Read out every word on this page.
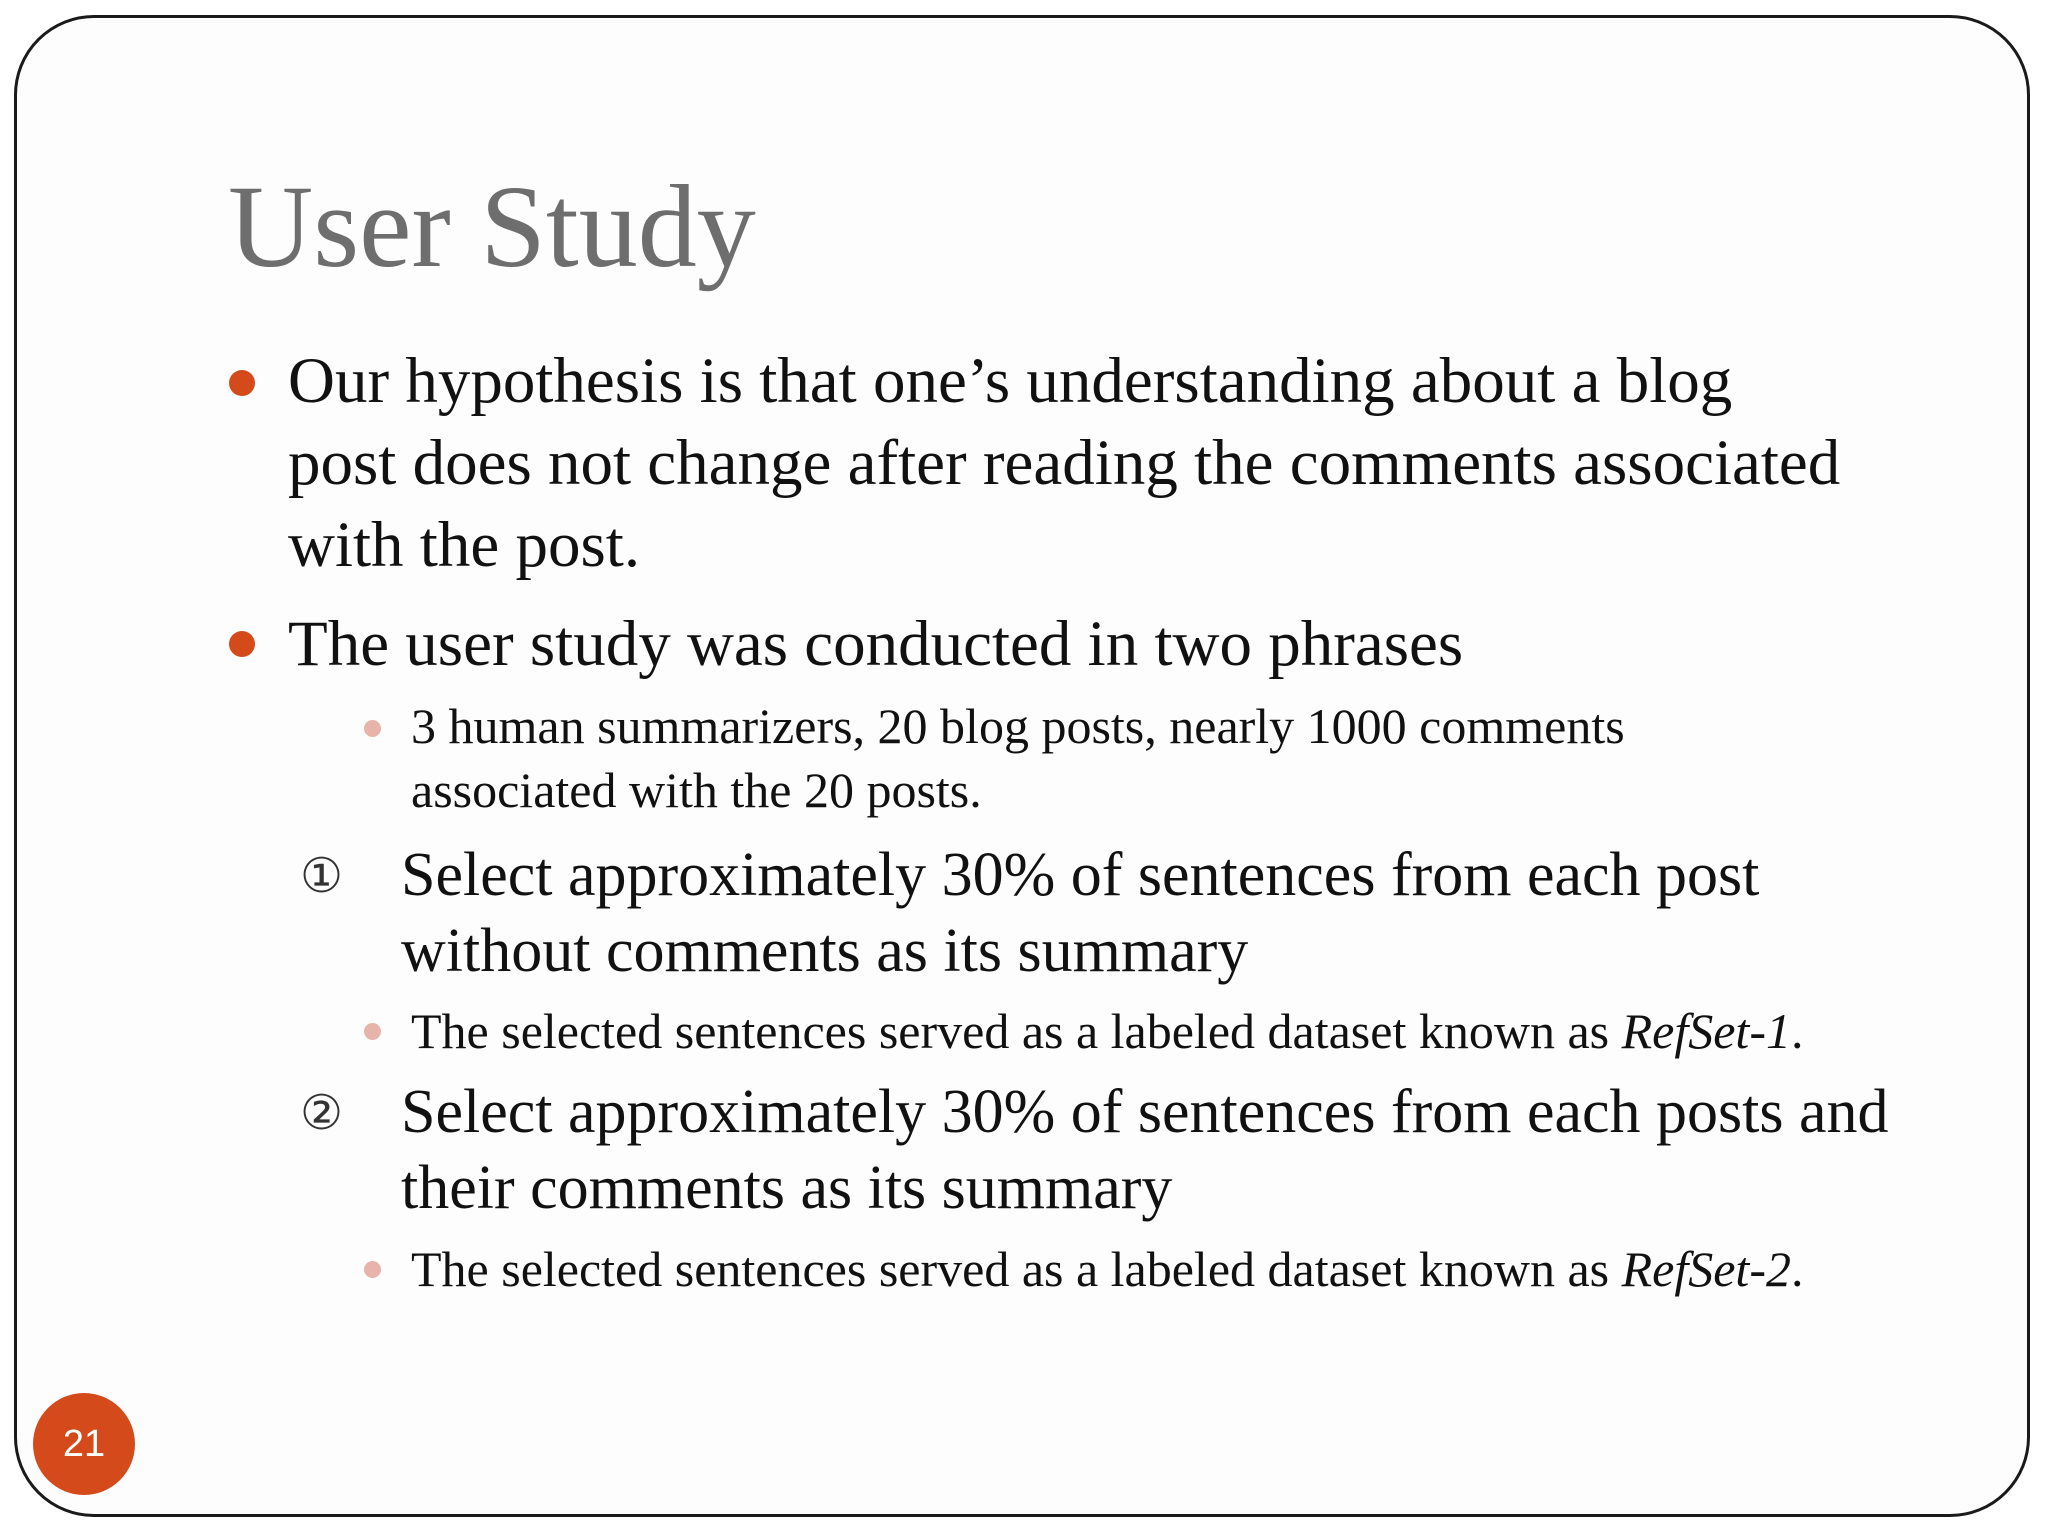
User Study
Our hypothesis is that one’s understanding about a blog
post does not change after reading the comments associated
with the post.
The user study was conducted in two phrases
3 human summarizers, 20 blog posts, nearly 1000 comments
associated with the 20 posts.
① Select approximately 30% of sentences from each post
without comments as its summary
The selected sentences served as a labeled dataset known as RefSet-1.
② Select approximately 30% of sentences from each posts and
their comments as its summary
The selected sentences served as a labeled dataset known as RefSet-2.
21
